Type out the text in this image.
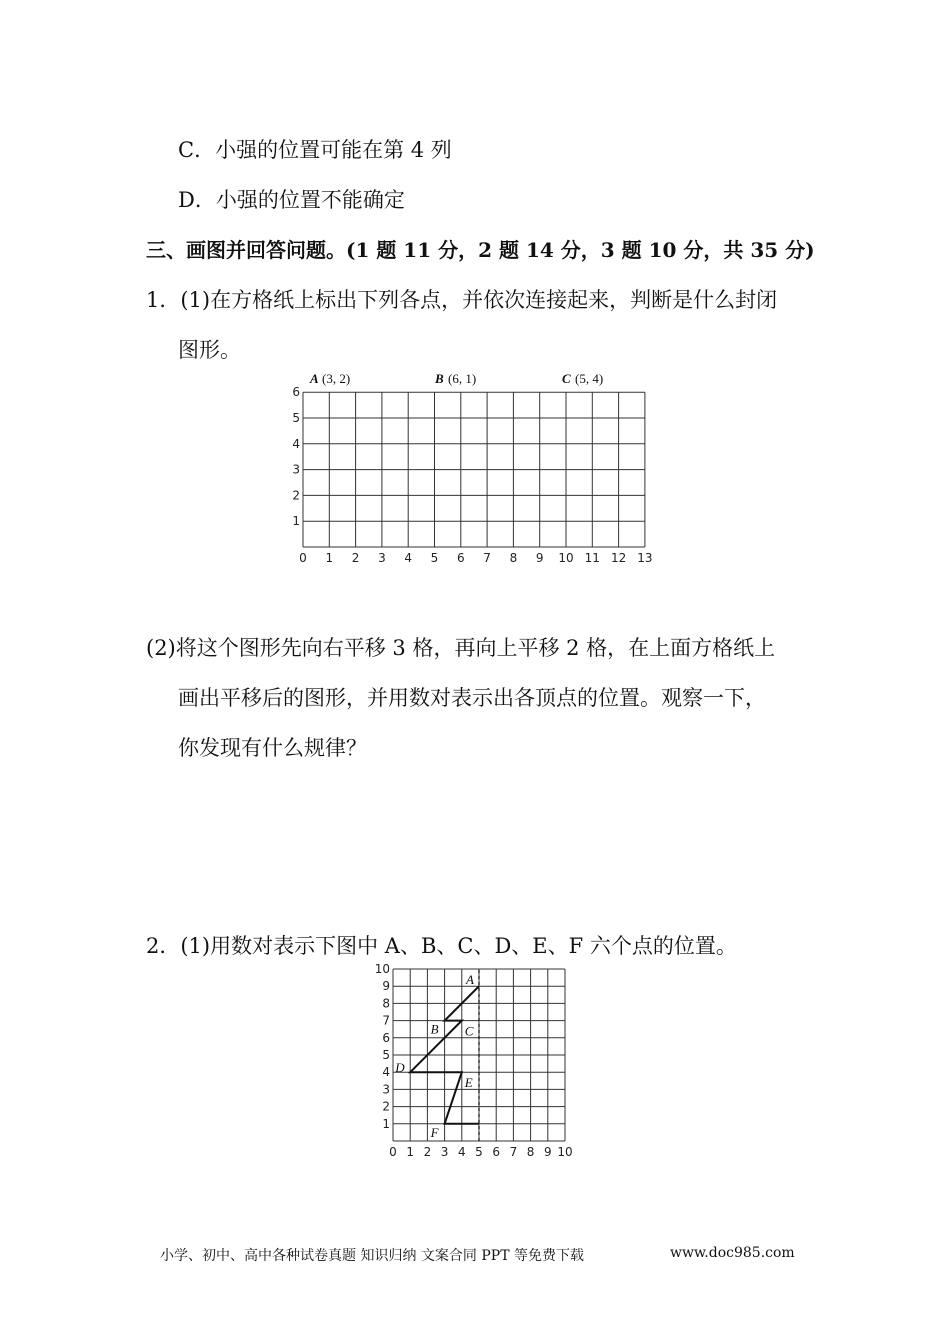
C．小强的位置可能在第 4 列
D．小强的位置不能确定
三、画图并回答问题。(1 题 11 分，2 题 14 分，3 题 10 分，共 35 分)
1．(1)在方格纸上标出下列各点，并依次连接起来，判断是什么封闭
图形。
A (3, 2)	B (6, 1)	C (5, 4)
0 1 2 3 4 5 6 7 8 9 10 11 12 13
1
2
3
4
5
6
(2)将这个图形先向右平移 3 格，再向上平移 2 格，在上面方格纸上
画出平移后的图形，并用数对表示出各顶点的位置。观察一下，
你发现有什么规律？
2．(1)用数对表示下图中 A、B、C、D、E、F 六个点的位置。
A
B C
D
E
F
0 1 2 3 4 5 6 7 8 9 10
1
2
3
4
5
6
7
8
9
10
小学、初中、高中各种试卷真题 知识归纳 文案合同 PPT 等免费下载	www.doc985.com
